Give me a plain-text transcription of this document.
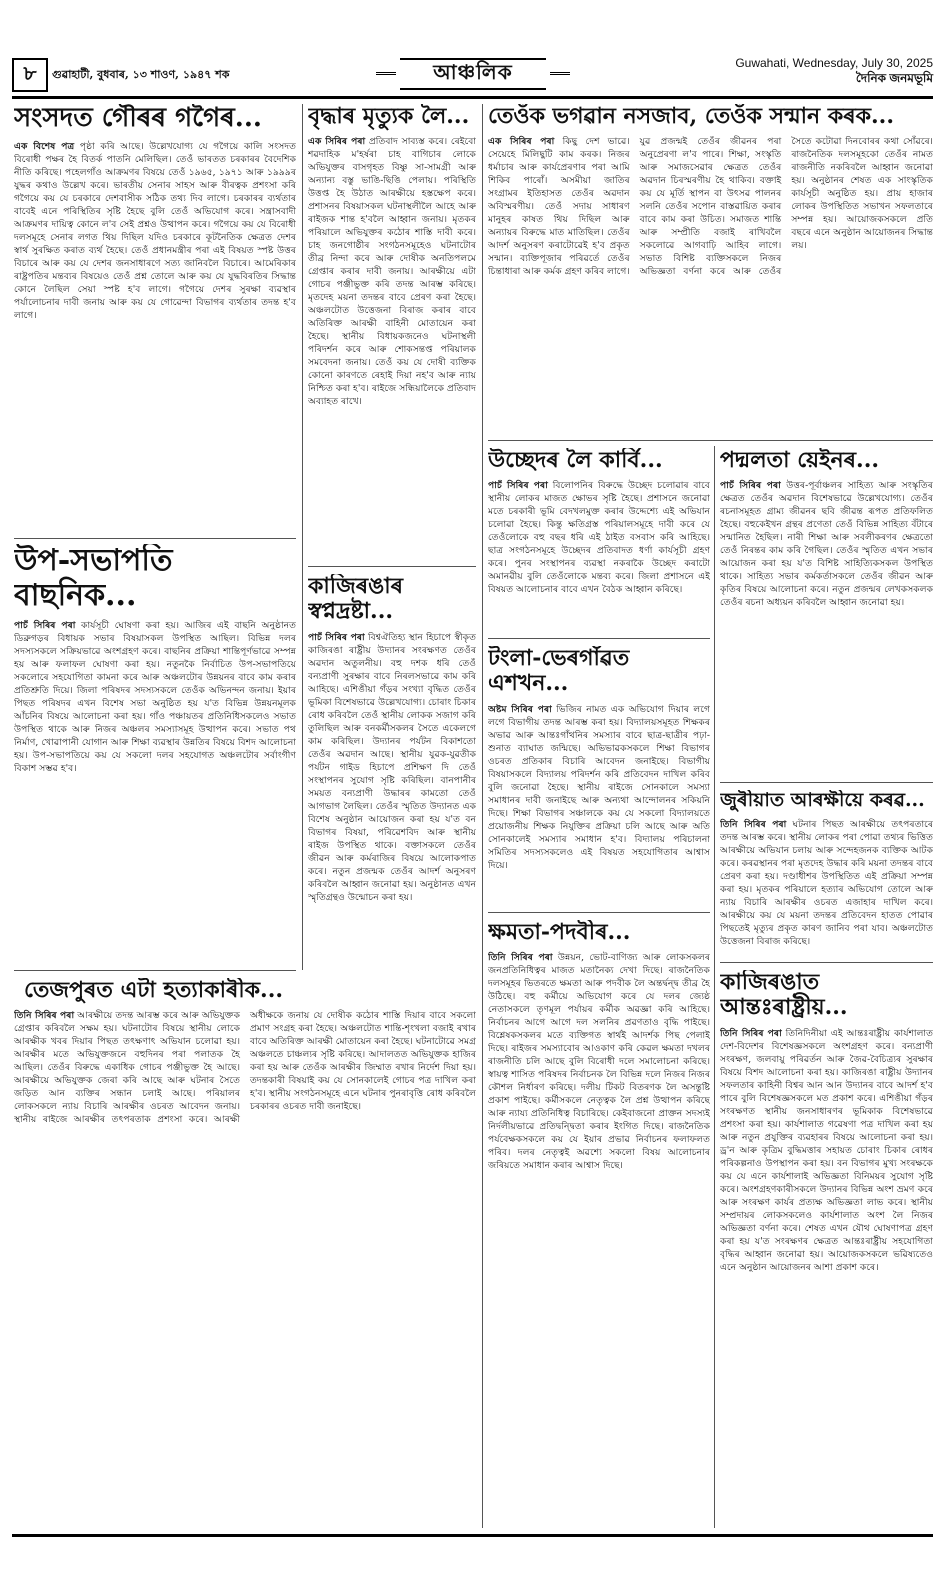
৮	গুৱাহাটী, বুধবাৰ, ১৩ শাওণ, ১৯৪৭ শক	আঞ্চলিক	Guwahati, Wednesday, July 30, 2025
দৈনিক জনমভূমি
সংসদত গৌৰৰ গগৈৰ...

এক বিশেষ পত্ৰ পৃষ্ঠা কৰি আছে। উল্লেখযোগ্য যে গগৈয়ে কালি সংসদত বিৰোধী পক্ষৰ হৈ বিতৰ্ক পাতনি মেলিছিল। তেওঁ ভাৰতত চৰকাৰৰ বৈদেশিক নীতি কৰিছে। পহেলগাঁও আক্ৰমণৰ বিষয়ে তেওঁ ১৯৬৫, ১৯৭১ আৰু ১৯৯৯ৰ যুদ্ধৰ কথাও উল্লেখ কৰে। ভাৰতীয় সেনাৰ সাহস আৰু বীৰত্বক প্ৰশংসা কৰি গগৈয়ে কয় যে চৰকাৰে দেশবাসীক সঠিক তথ্য দিব লাগে। চৰকাৰৰ ব্যৰ্থতাৰ বাবেই এনে পৰিস্থিতিৰ সৃষ্টি হৈছে বুলি তেওঁ অভিযোগ কৰে। সন্ত্ৰাসবাদী আক্ৰমণৰ দায়িত্ব কোনে ল'ব সেই প্ৰশ্নও উত্থাপন কৰে। গগৈয়ে কয় যে বিৰোধী দলসমূহে সেনাৰ লগত থিয় দিছিল যদিও চৰকাৰে কূটনৈতিক ক্ষেত্ৰত দেশৰ স্বাৰ্থ সুৰক্ষিত কৰাত ব্যৰ্থ হৈছে। তেওঁ প্ৰধানমন্ত্ৰীৰ পৰা এই বিষয়ত স্পষ্ট উত্তৰ বিচাৰে আৰু কয় যে দেশৰ জনসাধাৰণে সত্য জানিবলৈ বিচাৰে। আমেৰিকাৰ ৰাষ্ট্ৰপতিৰ মন্তব্যৰ বিষয়েও তেওঁ প্ৰশ্ন তোলে আৰু কয় যে যুদ্ধবিৰতিৰ সিদ্ধান্ত কোনে লৈছিল সেয়া স্পষ্ট হ'ব লাগে। গগৈয়ে দেশৰ সুৰক্ষা ব্যৱস্থাৰ পৰ্যালোচনাৰ দাবী জনায় আৰু কয় যে গোৱেন্দা বিভাগৰ ব্যৰ্থতাৰ তদন্ত হ'ব লাগে।

উপ-সভাপতি বাছনিক...

পাচঁ সিৰিৰ পৰা কাৰ্যসূচী ঘোষণা কৰা হয়। আজিৰ এই বাছনি অনুষ্ঠানত ডিব্ৰুগড়ৰ বিধায়ক সভাৰ বিষয়াসকল উপস্থিত আছিল। বিভিন্ন দলৰ সদস্যসকলে সক্ৰিয়ভাৱে অংশগ্ৰহণ কৰে। বাছনিৰ প্ৰক্ৰিয়া শান্তিপূৰ্ণভাৱে সম্পন্ন হয় আৰু ফলাফল ঘোষণা কৰা হয়। নতুনকৈ নিৰ্বাচিত উপ-সভাপতিয়ে সকলোৰে সহযোগিতা কামনা কৰে আৰু অঞ্চলটোৰ উন্নয়নৰ বাবে কাম কৰাৰ প্ৰতিশ্ৰুতি দিয়ে। জিলা পৰিষদৰ সদস্যসকলে তেওঁক অভিনন্দন জনায়। ইয়াৰ পিছত পৰিষদৰ এখন বিশেষ সভা অনুষ্ঠিত হয় য'ত বিভিন্ন উন্নয়নমূলক আঁচনিৰ বিষয়ে আলোচনা কৰা হয়। গাঁও পঞ্চায়তৰ প্ৰতিনিধিসকলেও সভাত উপস্থিত থাকে আৰু নিজৰ অঞ্চলৰ সমস্যাসমূহ উত্থাপন কৰে। সভাত পথ নিৰ্মাণ, খোৱাপানী যোগান আৰু শিক্ষা ব্যৱস্থাৰ উন্নতিৰ বিষয়ে বিশদ আলোচনা হয়। উপ-সভাপতিয়ে কয় যে সকলো দলৰ সহযোগত অঞ্চলটোৰ সৰ্বাংগীণ বিকাশ সম্ভৱ হ'ব।

তেজপুৰত এটা হত্যাকাৰীক...

তিনি সিৰিৰ পৰা আৰক্ষীয়ে তদন্ত আৰম্ভ কৰে আৰু অভিযুক্তক গ্ৰেপ্তাৰ কৰিবলৈ সক্ষম হয়। ঘটনাটোৰ বিষয়ে স্থানীয় লোকে আৰক্ষীক খবৰ দিয়াৰ পিছত তৎক্ষণাৎ অভিযান চলোৱা হয়। আৰক্ষীৰ মতে অভিযুক্তজনে বহুদিনৰ পৰা পলাতক হৈ আছিল। তেওঁৰ বিৰুদ্ধে একাধিক গোচৰ পঞ্জীভুক্ত হৈ আছে। আৰক্ষীয়ে অভিযুক্তক জেৰা কৰি আছে আৰু ঘটনাৰ সৈতে জড়িত আন ব্যক্তিৰ সন্ধান চলাই আছে। পৰিয়ালৰ লোকসকলে ন্যায় বিচাৰি আৰক্ষীৰ ওচৰত আবেদন জনায়। স্থানীয় ৰাইজে আৰক্ষীৰ তৎপৰতাক প্ৰশংসা কৰে। আৰক্ষী অধীক্ষকে জনায় যে দোষীক কঠোৰ শাস্তি দিয়াৰ বাবে সকলো প্ৰমাণ সংগ্ৰহ কৰা হৈছে। অঞ্চলটোত শান্তি-শৃংখলা বজাই ৰখাৰ বাবে অতিৰিক্ত আৰক্ষী মোতায়েন কৰা হৈছে। ঘটনাটোৱে সমগ্ৰ অঞ্চলতে চাঞ্চল্যৰ সৃষ্টি কৰিছে। আদালতত অভিযুক্তক হাজিৰ কৰা হয় আৰু তেওঁক আৰক্ষীৰ জিম্মাত ৰখাৰ নিৰ্দেশ দিয়া হয়। তদন্তকাৰী বিষয়াই কয় যে সোনকালেই গোচৰ পত্ৰ দাখিল কৰা হ'ব। স্থানীয় সংগঠনসমূহে এনে ঘটনাৰ পুনৰাবৃত্তি ৰোধ কৰিবলৈ চৰকাৰৰ ওচৰত দাবী জনাইছে।

বৃদ্ধাৰ মৃত্যুক লৈ...

এক সিৰিৰ পৰা প্ৰতিবাদ সাব্যস্ত কৰে। ৰেইবো শৱদাহিক ম'হৰ্ষৰা চাহ বাগিচাৰ লোকে অভিযুক্তৰ বাসগৃহত বিষ্ণু সা-সামগ্ৰী আৰু অন্যান্য বস্তু ভাঙি-ছিঙি পেলায়। পৰিস্থিতি উত্তপ্ত হৈ উঠাত আৰক্ষীয়ে হস্তক্ষেপ কৰে। প্ৰশাসনৰ বিষয়াসকল ঘটনাস্থলীলৈ আহে আৰু ৰাইজক শান্ত হ'বলৈ আহ্বান জনায়। মৃতকৰ পৰিয়ালে অভিযুক্তৰ কঠোৰ শাস্তি দাবী কৰে। চাহ জনগোষ্ঠীৰ সংগঠনসমূহেও ঘটনাটোৰ তীব্ৰ নিন্দা কৰে আৰু দোষীক অনতিপলমে গ্ৰেপ্তাৰ কৰাৰ দাবী জনায়। আৰক্ষীয়ে এটা গোচৰ পঞ্জীভুক্ত কৰি তদন্ত আৰম্ভ কৰিছে। মৃতদেহ ময়না তদন্তৰ বাবে প্ৰেৰণ কৰা হৈছে। অঞ্চলটোত উত্তেজনা বিৰাজ কৰাৰ বাবে অতিৰিক্ত আৰক্ষী বাহিনী মোতায়েন কৰা হৈছে। স্থানীয় বিধায়কজনেও ঘটনাস্থলী পৰিদৰ্শন কৰে আৰু শোকসন্তপ্ত পৰিয়ালক সমবেদনা জনায়। তেওঁ কয় যে দোষী ব্যক্তিক কোনো কাৰণতে ৰেহাই দিয়া নহ'ব আৰু ন্যায় নিশ্চিত কৰা হ'ব। ৰাইজে সন্ধিয়ালৈকে প্ৰতিবাদ অব্যাহত ৰাখে।

কাজিৰঙাৰ স্বপ্নদ্ৰষ্টা...

পাচঁ সিৰিৰ পৰা বিশ্বঐতিহ্য স্থান হিচাপে স্বীকৃত কাজিৰঙা ৰাষ্ট্ৰীয় উদ্যানৰ সংৰক্ষণত তেওঁৰ অৱদান অতুলনীয়। বহু দশক ধৰি তেওঁ বন্যপ্ৰাণী সুৰক্ষাৰ বাবে নিৰলসভাৱে কাম কৰি আহিছে। এশিঙীয়া গঁড়ৰ সংখ্যা বৃদ্ধিত তেওঁৰ ভূমিকা বিশেষভাৱে উল্লেখযোগ্য। চোৰাং চিকাৰ ৰোধ কৰিবলৈ তেওঁ স্থানীয় লোকক সজাগ কৰি তুলিছিল আৰু বনকৰ্মীসকলৰ সৈতে একেলগে কাম কৰিছিল। উদ্যানৰ পৰ্যটন বিকাশতো তেওঁৰ অৱদান আছে। স্থানীয় যুৱক-যুৱতীক পৰ্যটন গাইড হিচাপে প্ৰশিক্ষণ দি তেওঁ সংস্থাপনৰ সুযোগ সৃষ্টি কৰিছিল। বানপানীৰ সময়ত বন্যপ্ৰাণী উদ্ধাৰৰ কামতো তেওঁ আগভাগ লৈছিল। তেওঁৰ স্মৃতিত উদ্যানত এক বিশেষ অনুষ্ঠান আয়োজন কৰা হয় য'ত বন বিভাগৰ বিষয়া, পৰিৱেশবিদ আৰু স্থানীয় ৰাইজ উপস্থিত থাকে। বক্তাসকলে তেওঁৰ জীৱন আৰু কৰ্মৰাজিৰ বিষয়ে আলোকপাত কৰে। নতুন প্ৰজন্মক তেওঁৰ আদৰ্শ অনুসৰণ কৰিবলৈ আহ্বান জনোৱা হয়। অনুষ্ঠানত এখন স্মৃতিগ্ৰন্থও উন্মোচন কৰা হয়।

তেওঁক ভগৱান নসজাব, তেওঁক সন্মান কৰক...

এক সিৰিৰ পৰা কিছু দেশ ভাৱে। সেয়েহে মিলিছুটি কাম কৰক। নিজৰ ধৰ্মাচাৰ আৰু কাৰ্যপ্ৰেৰণাৰ পৰা আমি শিকিব পাৰোঁ। অসমীয়া জাতিৰ সংগ্ৰামৰ ইতিহাসত তেওঁৰ অৱদান অবিস্মৰণীয়। তেওঁ সদায় সাধাৰণ মানুহৰ কাষত থিয় দিছিল আৰু অন্যায়ৰ বিৰুদ্ধে মাত মাতিছিল। তেওঁৰ আদৰ্শ অনুসৰণ কৰাটোৱেই হ'ব প্ৰকৃত সন্মান। ব্যক্তিপূজাৰ পৰিৱৰ্তে তেওঁৰ চিন্তাধাৰা আৰু কৰ্মক গ্ৰহণ কৰিব লাগে। যুৱ প্ৰজন্মই তেওঁৰ জীৱনৰ পৰা অনুপ্ৰেৰণা ল'ব পাৰে। শিক্ষা, সংস্কৃতি আৰু সমাজসেৱাৰ ক্ষেত্ৰত তেওঁৰ অৱদান চিৰস্মৰণীয় হৈ থাকিব। বক্তাই কয় যে মূৰ্তি স্থাপন বা উৎসৱ পালনৰ সলনি তেওঁৰ সপোন বাস্তৱায়িত কৰাৰ বাবে কাম কৰা উচিত। সমাজত শান্তি আৰু সম্প্ৰীতি বজাই ৰাখিবলৈ সকলোৱে আগবাঢ়ি আহিব লাগে। সভাত বিশিষ্ট ব্যক্তিসকলে নিজৰ অভিজ্ঞতা বৰ্ণনা কৰে আৰু তেওঁৰ সৈতে কটোৱা দিনবোৰৰ কথা সোঁৱৰে। ৰাজনৈতিক দলসমূহকো তেওঁৰ নামত ৰাজনীতি নকৰিবলৈ আহ্বান জনোৱা হয়। অনুষ্ঠানৰ শেষত এক সাংস্কৃতিক কাৰ্যসূচী অনুষ্ঠিত হয়। প্ৰায় হাজাৰ লোকৰ উপস্থিতিত সভাখন সফলতাৰে সম্পন্ন হয়। আয়োজকসকলে প্ৰতি বছৰে এনে অনুষ্ঠান আয়োজনৰ সিদ্ধান্ত লয়।

উচ্ছেদৰ লৈ কাৰ্বি...

পাচঁ সিৰিৰ পৰা বিলোপনিৰ বিৰুদ্ধে উচ্ছেদ চলোৱাৰ বাবে স্থানীয় লোকৰ মাজত ক্ষোভৰ সৃষ্টি হৈছে। প্ৰশাসনে জনোৱা মতে চৰকাৰী ভূমি বেদখলমুক্ত কৰাৰ উদ্দেশ্যে এই অভিযান চলোৱা হৈছে। কিন্তু ক্ষতিগ্ৰস্ত পৰিয়ালসমূহে দাবী কৰে যে তেওঁলোকে বহু বছৰ ধৰি এই ঠাইত বসবাস কৰি আহিছে। ছাত্ৰ সংগঠনসমূহে উচ্ছেদৰ প্ৰতিবাদত ধৰ্ণা কাৰ্যসূচী গ্ৰহণ কৰে। পুনৰ সংস্থাপনৰ ব্যৱস্থা নকৰাকৈ উচ্ছেদ কৰাটো অমানৱীয় বুলি তেওঁলোকে মন্তব্য কৰে। জিলা প্ৰশাসনে এই বিষয়ত আলোচনাৰ বাবে এখন বৈঠক আহ্বান কৰিছে।

টংলা-ভেৰগাঁৱত এশখন...

অষ্টম সিৰিৰ পৰা ভিজিৰ নামত এক অভিযোগ দিয়াৰ লগে লগে বিভাগীয় তদন্ত আৰম্ভ কৰা হয়। বিদ্যালয়সমূহত শিক্ষকৰ অভাৱ আৰু আন্তঃগাঁথনিৰ সমস্যাৰ বাবে ছাত্ৰ-ছাত্ৰীৰ পঢ়া-শুনাত ব্যাঘাত জন্মিছে। অভিভাৱকসকলে শিক্ষা বিভাগৰ ওচৰত প্ৰতিকাৰ বিচাৰি আবেদন জনাইছে। বিভাগীয় বিষয়াসকলে বিদ্যালয় পৰিদৰ্শন কৰি প্ৰতিবেদন দাখিল কৰিব বুলি জনোৱা হৈছে। স্থানীয় ৰাইজে সোনকালে সমস্যা সমাধানৰ দাবী জনাইছে আৰু অন্যথা আন্দোলনৰ সকিয়নি দিছে। শিক্ষা বিভাগৰ সঞ্চালকে কয় যে সকলো বিদ্যালয়তে প্ৰয়োজনীয় শিক্ষক নিযুক্তিৰ প্ৰক্ৰিয়া চলি আছে আৰু অতি সোনকালেই সমস্যাৰ সমাধান হ'ব। বিদ্যালয় পৰিচালনা সমিতিৰ সদস্যসকলেও এই বিষয়ত সহযোগিতাৰ আশ্বাস দিয়ে।

ক্ষমতা-পদবীৰ...

তিনি সিৰিৰ পৰা উন্নয়ন, ভোট-বাণিজ্য আৰু লোকসকলৰ জনপ্ৰতিনিধিত্বৰ মাজত মতানৈক্য দেখা দিছে। ৰাজনৈতিক দলসমূহৰ ভিতৰতে ক্ষমতা আৰু পদবীক লৈ অন্তৰ্দ্বন্দ্ব তীব্ৰ হৈ উঠিছে। বহু কৰ্মীয়ে অভিযোগ কৰে যে দলৰ জ্যেষ্ঠ নেতাসকলে তৃণমূল পৰ্যায়ৰ কৰ্মীক অৱজ্ঞা কৰি আহিছে। নিৰ্বাচনৰ আগে আগে দল সলনিৰ প্ৰৱণতাও বৃদ্ধি পাইছে। বিশ্লেষকসকলৰ মতে ব্যক্তিগত স্বাৰ্থই আদৰ্শক পিছ পেলাই দিছে। ৰাইজৰ সমস্যাবোৰ আওকাণ কৰি কেৱল ক্ষমতা দখলৰ ৰাজনীতি চলি আছে বুলি বিৰোধী দলে সমালোচনা কৰিছে। স্বায়ত্ব শাসিত পৰিষদৰ নিৰ্বাচনক লৈ বিভিন্ন দলে নিজৰ নিজৰ কৌশল নিৰ্ধাৰণ কৰিছে। দলীয় টিকট বিতৰণক লৈ অসন্তুষ্টি প্ৰকাশ পাইছে। কৰ্মীসকলে নেতৃত্বক লৈ প্ৰশ্ন উত্থাপন কৰিছে আৰু ন্যায্য প্ৰতিনিধিত্ব বিচাৰিছে। কেইবাজনো প্ৰাক্তন সদস্যই নিৰ্দলীয়ভাৱে প্ৰতিদ্বন্দ্বিতা কৰাৰ ইংগিত দিছে। ৰাজনৈতিক পৰ্যবেক্ষকসকলে কয় যে ইয়াৰ প্ৰভাৱ নিৰ্বাচনৰ ফলাফলত পৰিব। দলৰ নেতৃত্বই অৱশ্যে সকলো বিষয় আলোচনাৰ জৰিয়তে সমাধান কৰাৰ আশ্বাস দিছে।

পদ্মলতা য়েইনৰ...

পাচঁ সিৰিৰ পৰা উত্তৰ-পূৰ্বাঞ্চলৰ সাহিত্য আৰু সংস্কৃতিৰ ক্ষেত্ৰত তেওঁৰ অৱদান বিশেষভাৱে উল্লেখযোগ্য। তেওঁৰ ৰচনাসমূহত গ্ৰাম্য জীৱনৰ ছবি জীৱন্ত ৰূপত প্ৰতিফলিত হৈছে। বহুকেইখন গ্ৰন্থৰ প্ৰণেতা তেওঁ বিভিন্ন সাহিত্য বঁটাৰে সন্মানিত হৈছিল। নাৰী শিক্ষা আৰু সবলীকৰণৰ ক্ষেত্ৰতো তেওঁ নিৰন্তৰ কাম কৰি গৈছিল। তেওঁৰ স্মৃতিত এখন সভাৰ আয়োজন কৰা হয় য'ত বিশিষ্ট সাহিত্যিকসকল উপস্থিত থাকে। সাহিত্য সভাৰ কৰ্মকৰ্তাসকলে তেওঁৰ জীৱন আৰু কৃতিৰ বিষয়ে আলোচনা কৰে। নতুন প্ৰজন্মৰ লেখকসকলক তেওঁৰ ৰচনা অধ্যয়ন কৰিবলৈ আহ্বান জনোৱা হয়।

জুৰীয়াত আৰক্ষীয়ে কৰৱ...

তিনি সিৰিৰ পৰা ঘটনাৰ পিছত আৰক্ষীয়ে তৎপৰতাৰে তদন্ত আৰম্ভ কৰে। স্থানীয় লোকৰ পৰা পোৱা তথ্যৰ ভিত্তিত আৰক্ষীয়ে অভিযান চলায় আৰু সন্দেহজনক ব্যক্তিক আটক কৰে। কৰৱস্থানৰ পৰা মৃতদেহ উদ্ধাৰ কৰি ময়না তদন্তৰ বাবে প্ৰেৰণ কৰা হয়। দণ্ডাধীশৰ উপস্থিতিত এই প্ৰক্ৰিয়া সম্পন্ন কৰা হয়। মৃতকৰ পৰিয়ালে হত্যাৰ অভিযোগ তোলে আৰু ন্যায় বিচাৰি আৰক্ষীৰ ওচৰত এজাহাৰ দাখিল কৰে। আৰক্ষীয়ে কয় যে ময়না তদন্তৰ প্ৰতিবেদন হাতত পোৱাৰ পিছতেই মৃত্যুৰ প্ৰকৃত কাৰণ জানিব পৰা যাব। অঞ্চলটোত উত্তেজনা বিৰাজ কৰিছে।

কাজিৰঙাত আন্তঃৰাষ্ট্ৰীয়...

তিনি সিৰিৰ পৰা তিনিদিনীয়া এই আন্তঃৰাষ্ট্ৰীয় কাৰ্যশালাত দেশ-বিদেশৰ বিশেষজ্ঞসকলে অংশগ্ৰহণ কৰে। বন্যপ্ৰাণী সংৰক্ষণ, জলবায়ু পৰিৱৰ্তন আৰু জৈৱ-বৈচিত্ৰ্যৰ সুৰক্ষাৰ বিষয়ে বিশদ আলোচনা কৰা হয়। কাজিৰঙা ৰাষ্ট্ৰীয় উদ্যানৰ সফলতাৰ কাহিনী বিশ্বৰ আন আন উদ্যানৰ বাবে আদৰ্শ হ'ব পাৰে বুলি বিশেষজ্ঞসকলে মত প্ৰকাশ কৰে। এশিঙীয়া গঁড়ৰ সংৰক্ষণত স্থানীয় জনসাধাৰণৰ ভূমিকাক বিশেষভাৱে প্ৰশংসা কৰা হয়। কাৰ্যশালাত গৱেষণা পত্ৰ দাখিল কৰা হয় আৰু নতুন প্ৰযুক্তিৰ ব্যৱহাৰৰ বিষয়ে আলোচনা কৰা হয়। ড্ৰ'ন আৰু কৃত্ৰিম বুদ্ধিমত্তাৰ সহায়ত চোৰাং চিকাৰ ৰোধৰ পৰিকল্পনাও উপস্থাপন কৰা হয়। বন বিভাগৰ মুখ্য সংৰক্ষকে কয় যে এনে কাৰ্যশালাই অভিজ্ঞতা বিনিময়ৰ সুযোগ সৃষ্টি কৰে। অংশগ্ৰহণকাৰীসকলে উদ্যানৰ বিভিন্ন অংশ ভ্ৰমণ কৰে আৰু সংৰক্ষণ কাৰ্যৰ প্ৰত্যক্ষ অভিজ্ঞতা লাভ কৰে। স্থানীয় সম্প্ৰদায়ৰ লোকসকলেও কাৰ্যশালাত অংশ লৈ নিজৰ অভিজ্ঞতা বৰ্ণনা কৰে। শেষত এখন যৌথ ঘোষণাপত্ৰ গ্ৰহণ কৰা হয় য'ত সংৰক্ষণৰ ক্ষেত্ৰত আন্তঃৰাষ্ট্ৰীয় সহযোগিতা বৃদ্ধিৰ আহ্বান জনোৱা হয়। আয়োজকসকলে ভৱিষ্যতেও এনে অনুষ্ঠান আয়োজনৰ আশা প্ৰকাশ কৰে।
